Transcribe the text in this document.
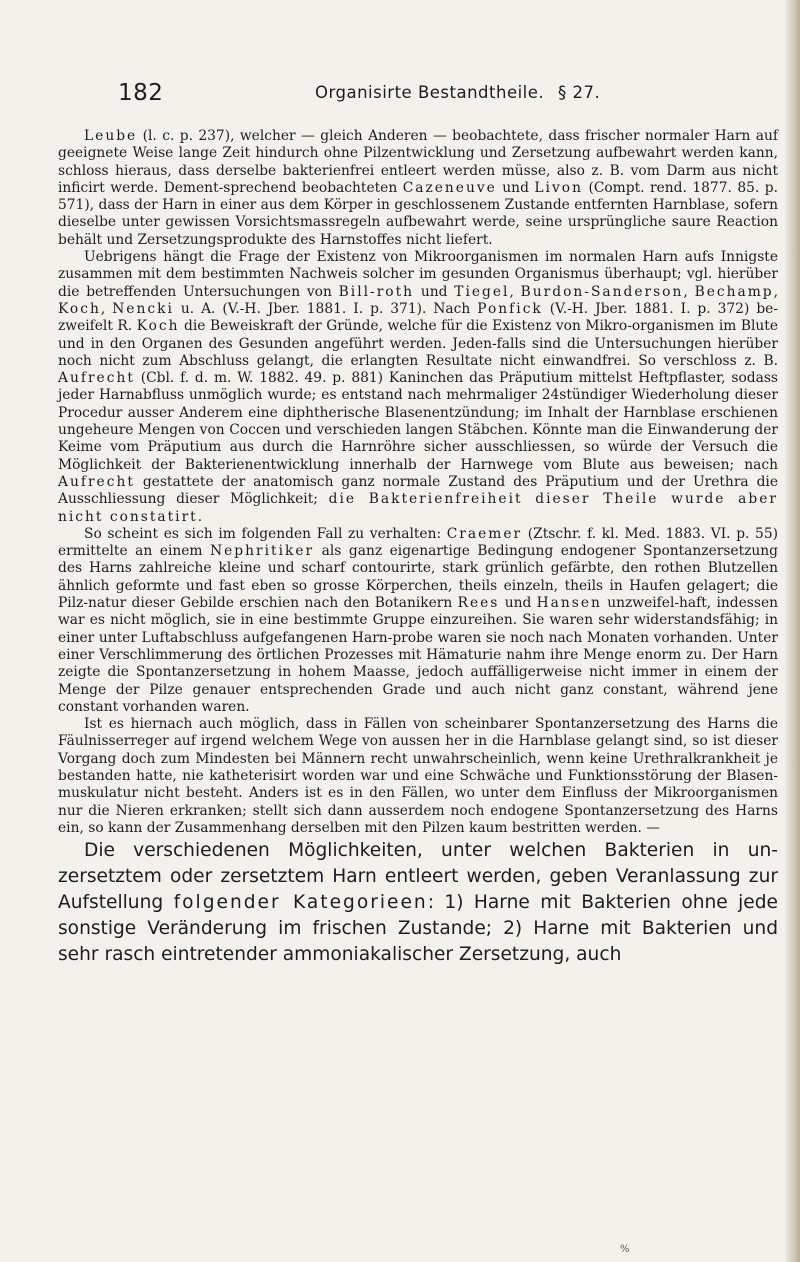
182	Organisirte Bestandtheile. § 27.

Leube (l. c. p. 237), welcher — gleich Anderen — beobachtete, dass frischer normaler Harn auf geeignete Weise lange Zeit hindurch ohne Pilzentwicklung und Zersetzung aufbewahrt werden kann, schloss hieraus, dass derselbe bakterienfrei entleert werden müsse, also z. B. vom Darm aus nicht inficirt werde. Dement-sprechend beobachteten Cazeneuve und Livon (Compt. rend. 1877. 85. p. 571), dass der Harn in einer aus dem Körper in geschlossenem Zustande entfernten Harnblase, sofern dieselbe unter gewissen Vorsichtsmassregeln aufbewahrt werde, seine ursprüngliche saure Reaction behält und Zersetzungsprodukte des Harnstoffes nicht liefert.

Uebrigens hängt die Frage der Existenz von Mikroorganismen im normalen Harn aufs Innigste zusammen mit dem bestimmten Nachweis solcher im gesunden Organismus überhaupt; vgl. hierüber die betreffenden Untersuchungen von Bill-roth und Tiegel, Burdon-Sanderson, Bechamp, Koch, Nencki u. A. (V.-H. Jber. 1881. I. p. 371). Nach Ponfick (V.-H. Jber. 1881. I. p. 372) be-zweifelt R. Koch die Beweiskraft der Gründe, welche für die Existenz von Mikro-organismen im Blute und in den Organen des Gesunden angeführt werden. Jeden-falls sind die Untersuchungen hierüber noch nicht zum Abschluss gelangt, die erlangten Resultate nicht einwandfrei. So verschloss z. B. Aufrecht (Cbl. f. d. m. W. 1882. 49. p. 881) Kaninchen das Präputium mittelst Heftpflaster, sodass jeder Harnabfluss unmöglich wurde; es entstand nach mehrmaliger 24stündiger Wiederholung dieser Procedur ausser Anderem eine diphtherische Blasenentzündung; im Inhalt der Harnblase erschienen ungeheure Mengen von Coccen und verschieden langen Stäbchen. Könnte man die Einwanderung der Keime vom Präputium aus durch die Harnröhre sicher ausschliessen, so würde der Versuch die Möglichkeit der Bakterienentwicklung innerhalb der Harnwege vom Blute aus beweisen; nach Aufrecht gestattete der anatomisch ganz normale Zustand des Präputium und der Urethra die Ausschliessung dieser Möglichkeit; die Bakterienfreiheit dieser Theile wurde aber nicht constatirt.

So scheint es sich im folgenden Fall zu verhalten: Craemer (Ztschr. f. kl. Med. 1883. VI. p. 55) ermittelte an einem Nephritiker als ganz eigenartige Bedingung endogener Spontanzersetzung des Harns zahlreiche kleine und scharf contourirte, stark grünlich gefärbte, den rothen Blutzellen ähnlich geformte und fast eben so grosse Körperchen, theils einzeln, theils in Haufen gelagert; die Pilz-natur dieser Gebilde erschien nach den Botanikern Rees und Hansen unzweifel-haft, indessen war es nicht möglich, sie in eine bestimmte Gruppe einzureihen. Sie waren sehr widerstandsfähig; in einer unter Luftabschluss aufgefangenen Harn-probe waren sie noch nach Monaten vorhanden. Unter einer Verschlimmerung des örtlichen Prozesses mit Hämaturie nahm ihre Menge enorm zu. Der Harn zeigte die Spontanzersetzung in hohem Maasse, jedoch auffälligerweise nicht immer in einem der Menge der Pilze genauer entsprechenden Grade und auch nicht ganz constant, während jene constant vorhanden waren.

Ist es hiernach auch möglich, dass in Fällen von scheinbarer Spontanzersetzung des Harns die Fäulnisserreger auf irgend welchem Wege von aussen her in die Harnblase gelangt sind, so ist dieser Vorgang doch zum Mindesten bei Männern recht unwahrscheinlich, wenn keine Urethralkrankheit je bestanden hatte, nie katheterisirt worden war und eine Schwäche und Funktionsstörung der Blasen-muskulatur nicht besteht. Anders ist es in den Fällen, wo unter dem Einfluss der Mikroorganismen nur die Nieren erkranken; stellt sich dann ausserdem noch endogene Spontanzersetzung des Harns ein, so kann der Zusammenhang derselben mit den Pilzen kaum bestritten werden. —

Die verschiedenen Möglichkeiten, unter welchen Bakterien in un-zersetztem oder zersetztem Harn entleert werden, geben Veranlassung zur Aufstellung folgender Kategorieen: 1) Harne mit Bakterien ohne jede sonstige Veränderung im frischen Zustande; 2) Harne mit Bakterien und sehr rasch eintretender ammoniakalischer Zersetzung, auch

%
